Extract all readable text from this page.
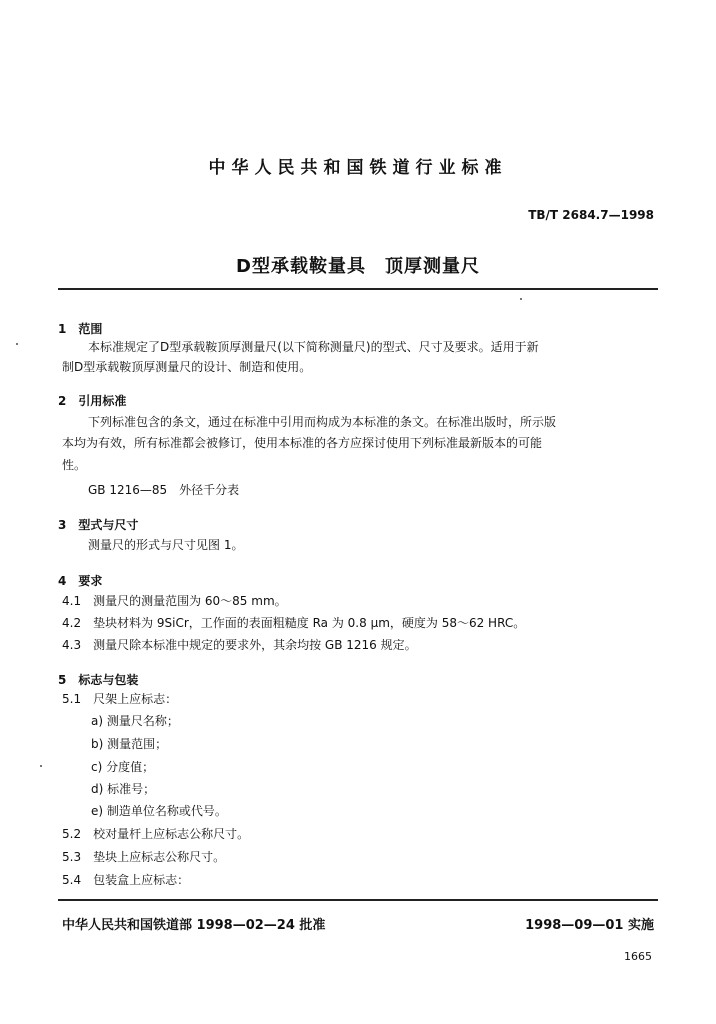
中华人民共和国铁道行业标准
TB/T 2684.7—1998
D型承载鞍量具　顶厚测量尺
1　范围
本标准规定了D型承载鞍顶厚测量尺(以下简称测量尺)的型式、尺寸及要求。适用于新
制D型承载鞍顶厚测量尺的设计、制造和使用。
2　引用标准
下列标准包含的条文，通过在标准中引用而构成为本标准的条文。在标准出版时，所示版
本均为有效，所有标准都会被修订，使用本标准的各方应探讨使用下列标准最新版本的可能
性。
GB 1216—85　外径千分表
3　型式与尺寸
测量尺的形式与尺寸见图 1。
4　要求
4.1　测量尺的测量范围为 60～85 mm。
4.2　垫块材料为 9SiCr，工作面的表面粗糙度 Ra 为 0.8 μm，硬度为 58～62 HRC。
4.3　测量尺除本标准中规定的要求外，其余均按 GB 1216 规定。
5　标志与包装
5.1　尺架上应标志：
a) 测量尺名称；
b) 测量范围；
c) 分度值；
d) 标准号；
e) 制造单位名称或代号。
5.2　校对量杆上应标志公称尺寸。
5.3　垫块上应标志公称尺寸。
5.4　包装盒上应标志：
中华人民共和国铁道部 1998—02—24 批准	1998—09—01 实施
1665
